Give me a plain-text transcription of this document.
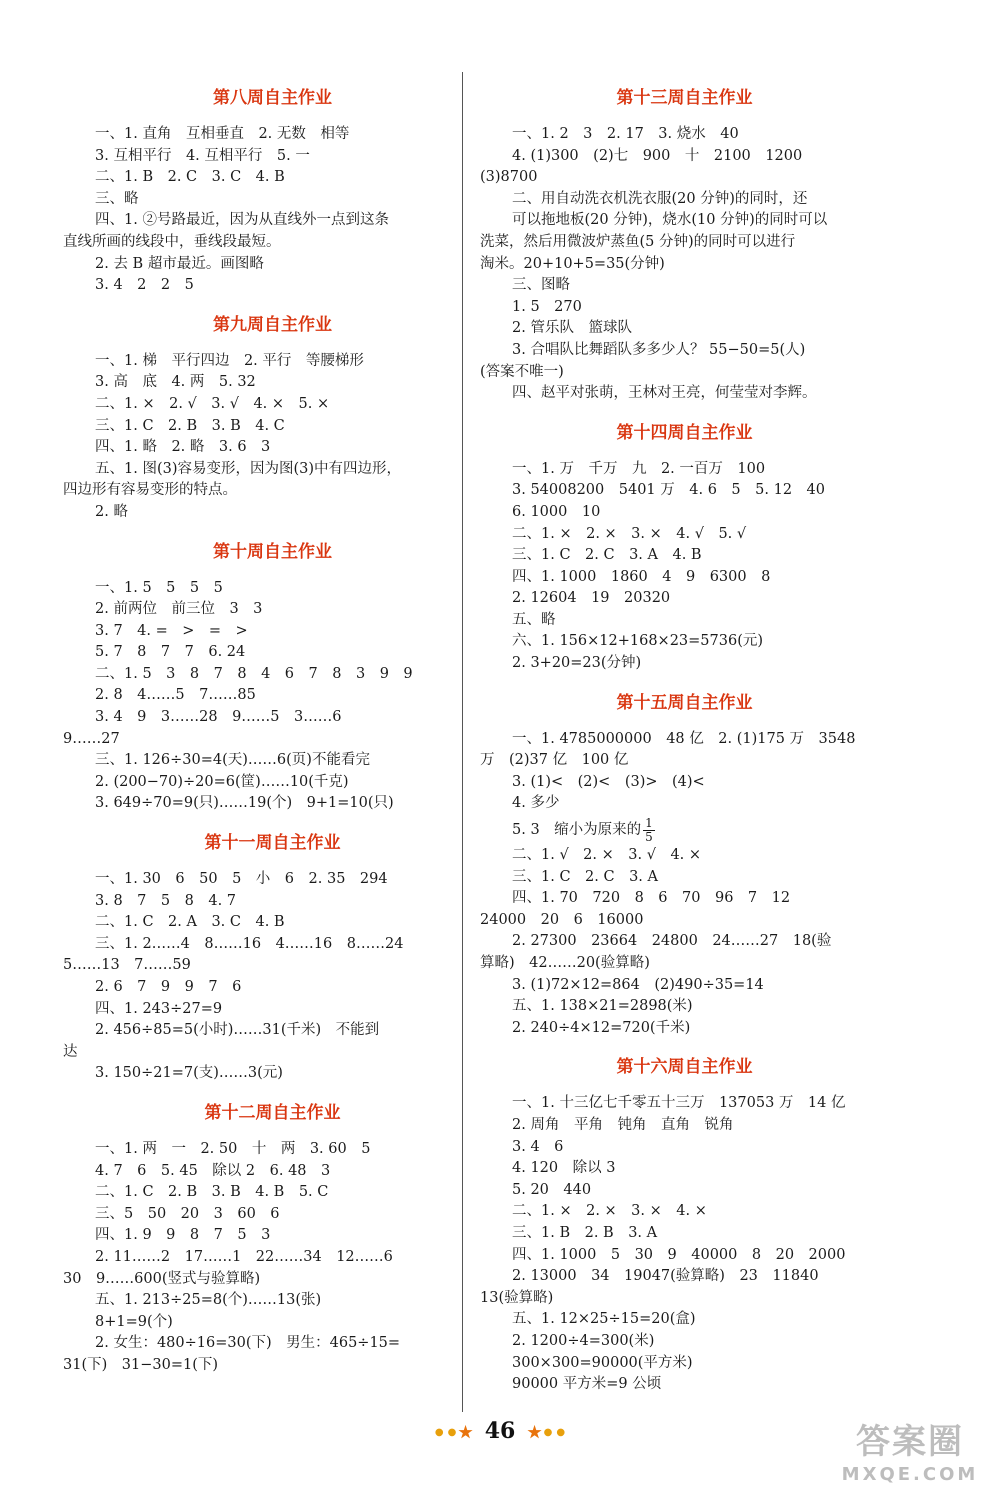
第八周自主作业
一、1. 直角　互相垂直　2. 无数　相等
3. 互相平行　4. 互相平行　5. 一
二、1. B　2. C　3. C　4. B
三、略
四、1. ②号路最近，因为从直线外一点到这条
直线所画的线段中，垂线段最短。
2. 去 B 超市最近。画图略
3. 4　2　2　5
第九周自主作业
一、1. 梯　平行四边　2. 平行　等腰梯形
3. 高　底　4. 两　5. 32
二、1. ×　2. √　3. √　4. ×　5. ×
三、1. C　2. B　3. B　4. C
四、1. 略　2. 略　3. 6　3
五、1. 图(3)容易变形，因为图(3)中有四边形，
四边形有容易变形的特点。
2. 略
第十周自主作业
一、1. 5　5　5　5
2. 前两位　前三位　3　3
3. 7　4. =　>　=　>
5. 7　8　7　7　6. 24
二、1. 5　3　8　7　8　4　6　7　8　3　9　9
2. 8　4……5　7……85
3. 4　9　3……28　9……5　3……6
9……27
三、1. 126÷30=4(天)……6(页)不能看完
2. (200−70)÷20=6(筐)……10(千克)
3. 649÷70=9(只)……19(个)　9+1=10(只)
第十一周自主作业
一、1. 30　6　50　5　小　6　2. 35　294
3. 8　7　5　8　4. 7
二、1. C　2. A　3. C　4. B
三、1. 2……4　8……16　4……16　8……24
5……13　7……59
2. 6　7　9　9　7　6
四、1. 243÷27=9
2. 456÷85=5(小时)……31(千米)　不能到
达
3. 150÷21=7(支)……3(元)
第十二周自主作业
一、1. 两　一　2. 50　十　两　3. 60　5
4. 7　6　5. 45　除以 2　6. 48　3
二、1. C　2. B　3. B　4. B　5. C
三、5　50　20　3　60　6
四、1. 9　9　8　7　5　3
2. 11……2　17……1　22……34　12……6
30　9……600(竖式与验算略)
五、1. 213÷25=8(个)……13(张)
8+1=9(个)
2. 女生：480÷16=30(下)　男生：465÷15=
31(下)　31−30=1(下)
第十三周自主作业
一、1. 2　3　2. 17　3. 烧水　40
4. (1)300　(2)七　900　十　2100　1200
(3)8700
二、用自动洗衣机洗衣服(20 分钟)的同时，还
可以拖地板(20 分钟)，烧水(10 分钟)的同时可以
洗菜，然后用微波炉蒸鱼(5 分钟)的同时可以进行
淘米。20+10+5=35(分钟)
三、图略
1. 5　270
2. 管乐队　篮球队
3. 合唱队比舞蹈队多多少人？ 55−50=5(人)
(答案不唯一)
四、赵平对张萌，王林对王亮，何莹莹对李辉。
第十四周自主作业
一、1. 万　千万　九　2. 一百万　100
3. 54008200　5401 万　4. 6　5　5. 12　40
6. 1000　10
二、1. ×　2. ×　3. ×　4. √　5. √
三、1. C　2. C　3. A　4. B
四、1. 1000　1860　4　9　6300　8
2. 12604　19　20320
五、略
六、1. 156×12+168×23=5736(元)
2. 3+20=23(分钟)
第十五周自主作业
一、1. 4785000000　48 亿　2. (1)175 万　3548
万　(2)37 亿　100 亿
3. (1)<　(2)<　(3)>　(4)<
4. 多少
5. 3　缩小为原来的 $\frac{1}{5}$
二、1. √　2. ×　3. √　4. ×
三、1. C　2. C　3. A
四、1. 70　720　8　6　70　96　7　12
24000　20　6　16000
2. 27300　23664　24800　24……27　18(验
算略)　42……20(验算略)
3. (1)72×12=864　(2)490÷35=14
五、1. 138×21=2898(米)
2. 240÷4×12=720(千米)
第十六周自主作业
一、1. 十三亿七千零五十三万　137053 万　14 亿
2. 周角　平角　钝角　直角　锐角
3. 4　6
4. 120　除以 3
5. 20　440
二、1. ×　2. ×　3. ×　4. ×
三、1. B　2. B　3. A
四、1. 1000　5　30　9　40000　8　20　2000
2. 13000　34　19047(验算略)　23　11840
13(验算略)
五、1. 12×25÷15=20(盒)
2. 1200÷4=300(米)
300×300=90000(平方米)
90000 平方米=9 公顷
● ● ★ 46 ★ ● ●	答案圈
MXQE.COM
